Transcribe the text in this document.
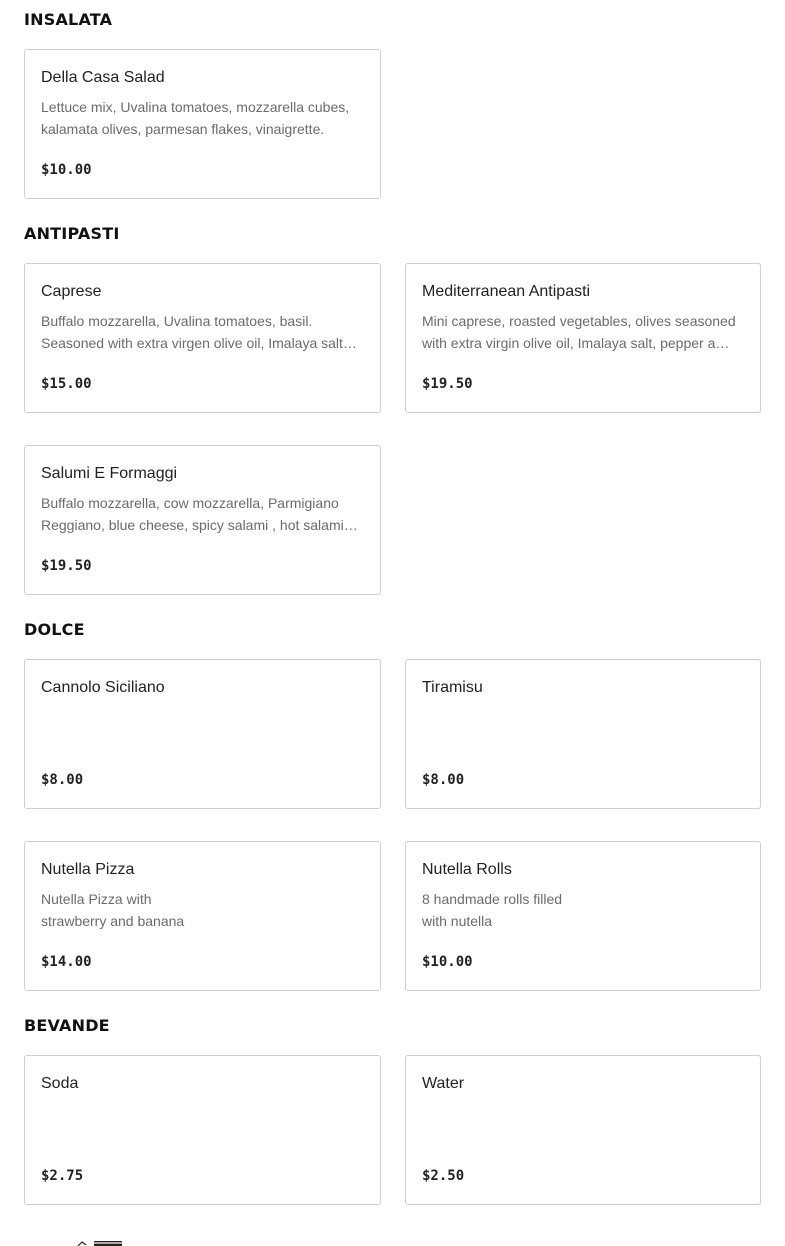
INSALATA
Della Casa Salad
Lettuce mix, Uvalina tomatoes, mozzarella cubes, kalamata olives, parmesan flakes, vinaigrette.
$10.00
ANTIPASTI
Caprese
Buffalo mozzarella, Uvalina tomatoes, basil. Seasoned with extra virgen olive oil, Imalaya salt…
$15.00
Mediterranean Antipasti
Mini caprese, roasted vegetables, olives seasoned with extra virgin olive oil, Imalaya salt, pepper a…
$19.50
Salumi E Formaggi
Buffalo mozzarella, cow mozzarella, Parmigiano Reggiano, blue cheese, spicy salami , hot salami…
$19.50
DOLCE
Cannolo Siciliano
$8.00
Tiramisu
$8.00
Nutella Pizza
Nutella Pizza with
strawberry and banana
$14.00
Nutella Rolls
8 handmade rolls filled
with nutella
$10.00
BEVANDE
Soda
$2.75
Water
$2.50
